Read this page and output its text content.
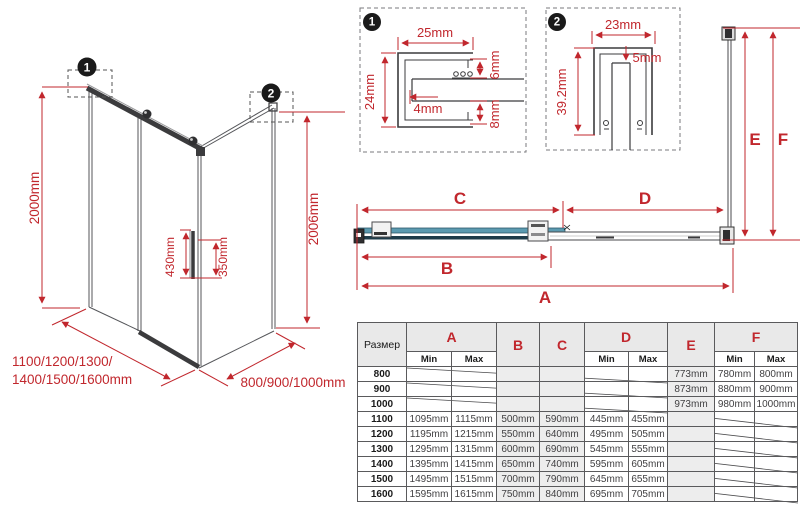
1
2
2000mm	2006mm
430mm	350mm
1100/1200/1300/
1400/1500/1600mm	800/900/1000mm
1
25mm
24mm	4mm
6mm
8mm
2	23mm
5mm
39.2mm
C	D
B
A
E F
Размер	A		B	C	D		E	F	
	Min	Max			Min	Max		Min	Max
800							773mm	780mm	800mm
900							873mm	880mm	900mm
1000							973mm	980mm	1000mm
1100	1095mm	1115mm	500mm	590mm	445mm	455mm			
1200	1195mm	1215mm	550mm	640mm	495mm	505mm			
1300	1295mm	1315mm	600mm	690mm	545mm	555mm			
1400	1395mm	1415mm	650mm	740mm	595mm	605mm			
1500	1495mm	1515mm	700mm	790mm	645mm	655mm			
1600	1595mm	1615mm	750mm	840mm	695mm	705mm			
